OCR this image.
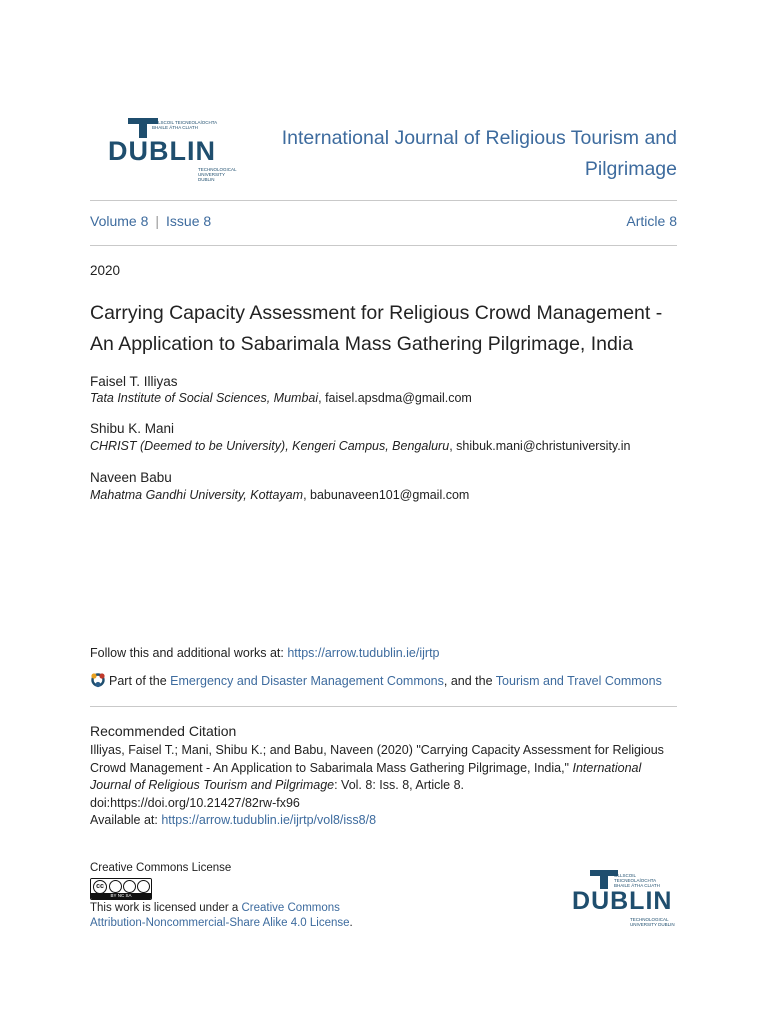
OLLSCOIL TEICNEOLAÍOCHTA
BHAILE ÁTHA CLIATH
DU
BLIN
TECHNOLOGICAL
UNIVERSITY DUBLIN
International Journal of Religious Tourism and
Pilgrimage
Volume 8 | Issue 8	Article 8
2020
Carrying Capacity Assessment for Religious Crowd Management -
An Application to Sabarimala Mass Gathering Pilgrimage, India
Faisel T. Illiyas
Tata Institute of Social Sciences, Mumbai, faisel.apsdma@gmail.com
Shibu K. Mani
CHRIST (Deemed to be University), Kengeri Campus, Bengaluru, shibuk.mani@christuniversity.in
Naveen Babu
Mahatma Gandhi University, Kottayam, babunaveen101@gmail.com
Follow this and additional works at: https://arrow.tudublin.ie/ijrtp
Part of the Emergency and Disaster Management Commons, and the Tourism and Travel Commons
Recommended Citation
Illiyas, Faisel T.; Mani, Shibu K.; and Babu, Naveen (2020) "Carrying Capacity Assessment for Religious
Crowd Management - An Application to Sabarimala Mass Gathering Pilgrimage, India," International
Journal of Religious Tourism and Pilgrimage: Vol. 8: Iss. 8, Article 8.
doi:https://doi.org/10.21427/82rw-fx96
Available at: https://arrow.tudublin.ie/ijrtp/vol8/iss8/8
Creative Commons License
cc
BY NC SA
This work is licensed under a Creative Commons
Attribution-Noncommercial-Share Alike 4.0 License.
OLLSCOIL TEICNEOLAÍOCHTA
BHAILE ÁTHA CLIATH
DUBLIN
TECHNOLOGICAL
UNIVERSITY DUBLIN
